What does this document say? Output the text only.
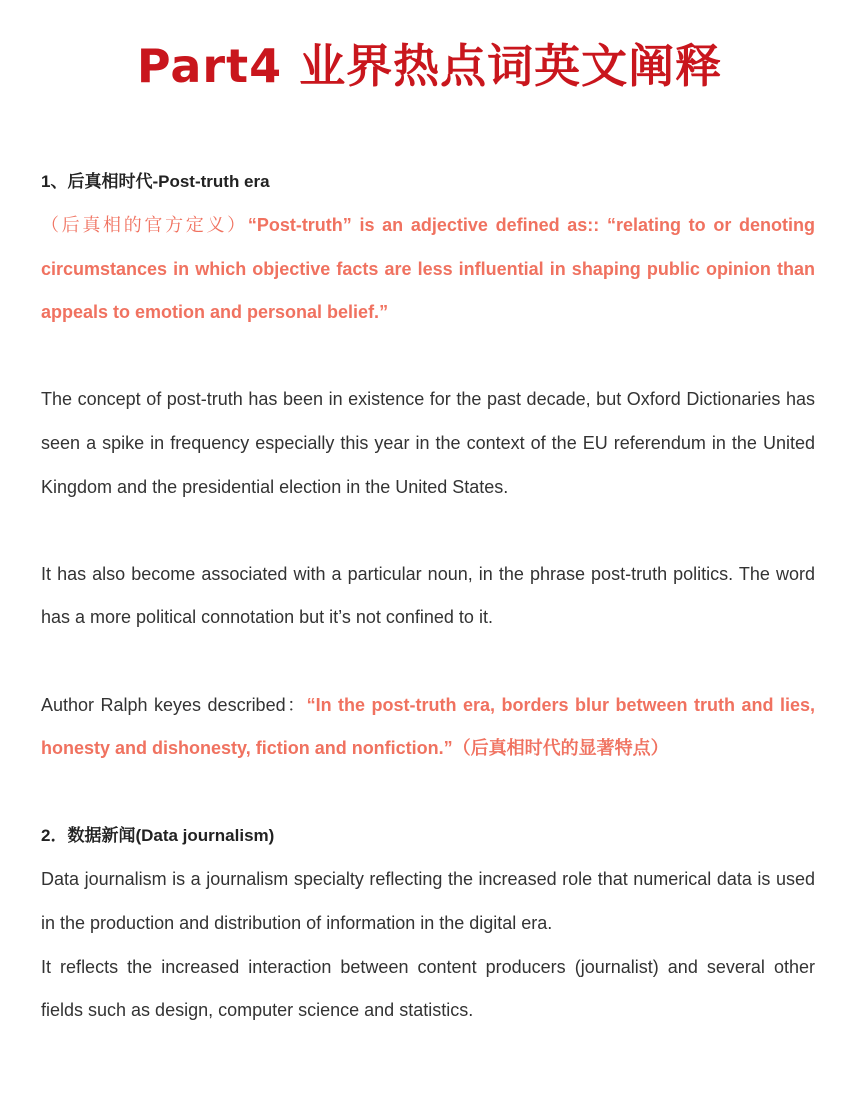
Part4 业界热点词英文阐释

1、后真相时代-Post-truth era

（后真相的官方定义）“Post-truth” is an adjective defined as:: “relating to or denoting circumstances in which objective facts are less influential in shaping public opinion than appeals to emotion and personal belief.”

The concept of post-truth has been in existence for the past decade, but Oxford Dictionaries has seen a spike in frequency especially this year in the context of the EU referendum in the United Kingdom and the presidential election in the United States.

It has also become associated with a particular noun, in the phrase post-truth politics. The word has a more political connotation but it’s not confined to it.

Author Ralph keyes described：“In the post-truth era, borders blur between truth and lies, honesty and dishonesty, fiction and nonfiction.”（后真相时代的显著特点）

2．数据新闻(Data journalism)

Data journalism is a journalism specialty reflecting the increased role that numerical data is used in the production and distribution of information in the digital era.

It reflects the increased interaction between content producers (journalist) and several other fields such as design, computer science and statistics.
